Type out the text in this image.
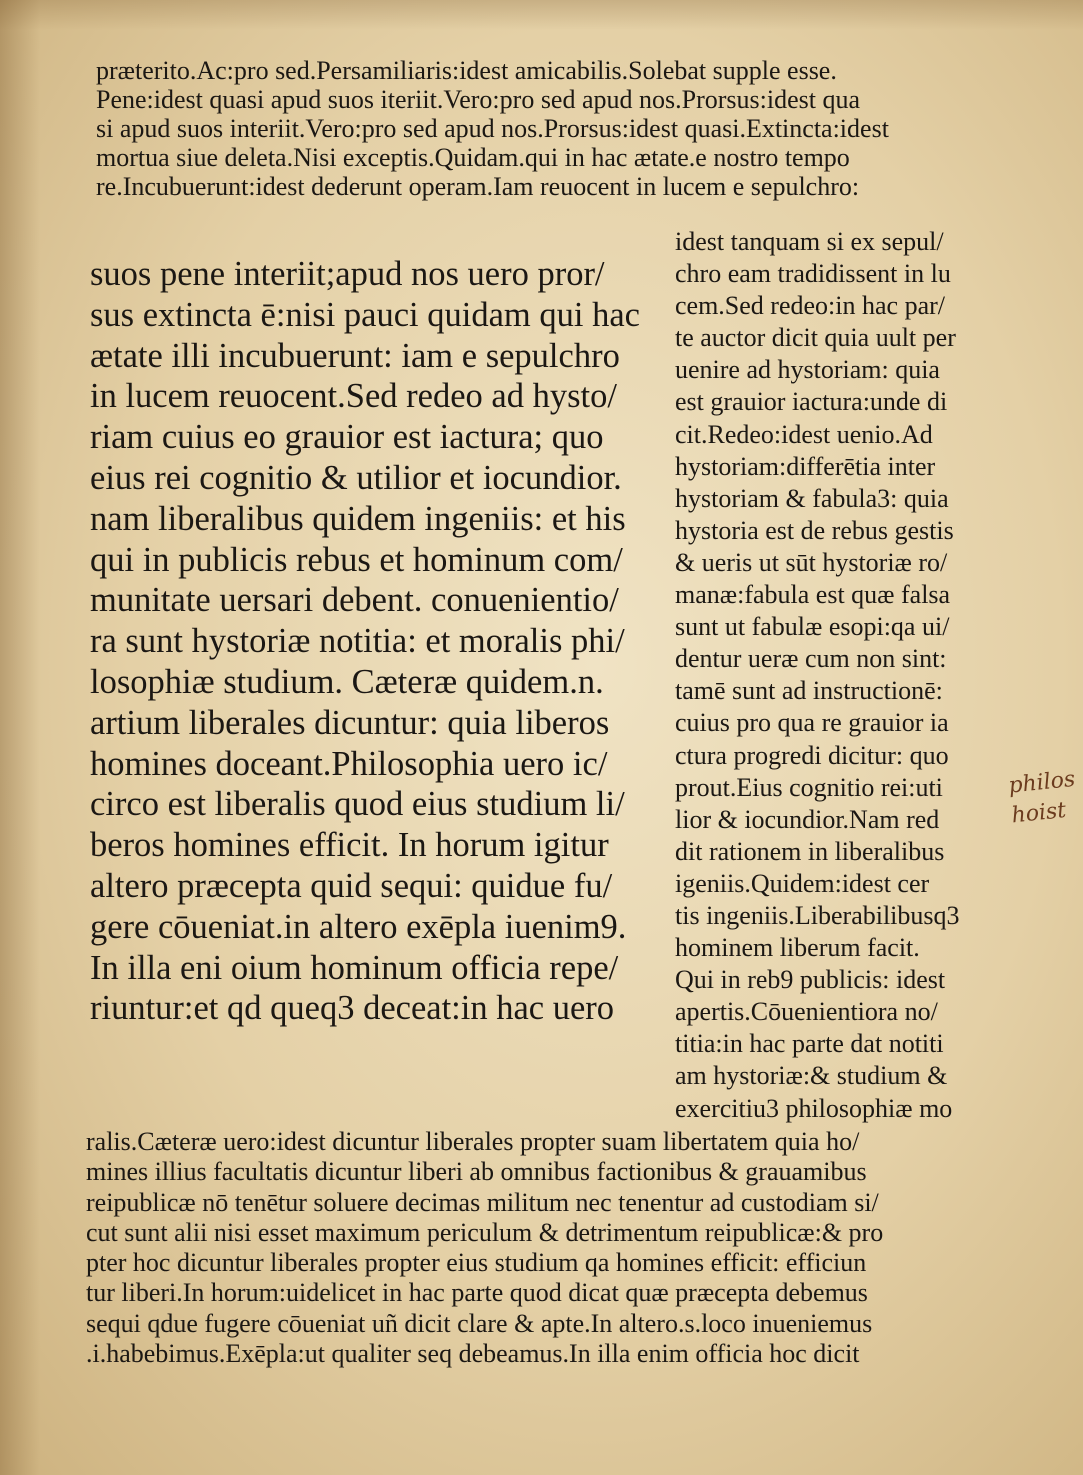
præterito.Ac:pro sed.Persamiliaris:idest amicabilis.Solebat supple esse.
Pene:idest quasi apud suos iteriit.Vero:pro sed apud nos.Prorsus:idest qua
si apud suos interiit.Vero:pro sed apud nos.Prorsus:idest quasi.Extincta:idest
mortua siue deleta.Nisi exceptis.Quidam.qui in hac ætate.e nostro tempo
re.Incubuerunt:idest dederunt operam.Iam reuocent in lucem e sepulchro:
suos pene interiit;apud nos uero pror/
sus extincta ē:nisi pauci quidam qui hac
ætate illi incubuerunt: iam e sepulchro
in lucem reuocent.Sed redeo ad hysto/
riam cuius eo grauior est iactura; quo
eius rei cognitio & utilior et iocundior.
nam liberalibus quidem ingeniis: et his
qui in publicis rebus et hominum com/
munitate uersari debent. conuenientio/
ra sunt hystoriæ notitia: et moralis phi/
losophiæ studium. Cæteræ quidem.n.
artium liberales dicuntur: quia liberos
homines doceant.Philosophia uero ic/
circo est liberalis quod eius studium li/
beros homines efficit. In horum igitur
altero præcepta quid sequi: quidue fu/
gere cōueniat.in altero exēpla iuenim9.
In illa eni oium hominum officia repe/
riuntur:et qd queq3 deceat:in hac uero
idest tanquam si ex sepul/
chro eam tradidissent in lu
cem.Sed redeo:in hac par/
te auctor dicit quia uult per
uenire ad hystoriam: quia
est grauior iactura:unde di
cit.Redeo:idest uenio.Ad
hystoriam:differētia inter
hystoriam & fabula3: quia
hystoria est de rebus gestis
& ueris ut sūt hystoriæ ro/
manæ:fabula est quæ falsa
sunt ut fabulæ esopi:qa ui/
dentur ueræ cum non sint:
tamē sunt ad instructionē:
cuius pro qua re grauior ia
ctura progredi dicitur: quo
prout.Eius cognitio rei:uti
lior & iocundior.Nam red
dit rationem in liberalibus
igeniis.Quidem:idest cer
tis ingeniis.Liberabilibusq3
hominem liberum facit.
Qui in reb9 publicis: idest
apertis.Cōuenientiora no/
titia:in hac parte dat notiti
am hystoriæ:& studium &
exercitiu3 philosophiæ mo
ralis.Cæteræ uero:idest dicuntur liberales propter suam libertatem quia ho/
mines illius facultatis dicuntur liberi ab omnibus factionibus & grauamibus
reipublicæ nō tenētur soluere decimas militum nec tenentur ad custodiam si/
cut sunt alii nisi esset maximum periculum & detrimentum reipublicæ:& pro
pter hoc dicuntur liberales propter eius studium qa homines efficit: efficiun
tur liberi.In horum:uidelicet in hac parte quod dicat quæ præcepta debemus
sequi qdue fugere cōueniat uñ dicit clare & apte.In altero.s.loco inueniemus
.i.habebimus.Exēpla:ut qualiter seq debeamus.In illa enim officia hoc dicit
philos
hoist
